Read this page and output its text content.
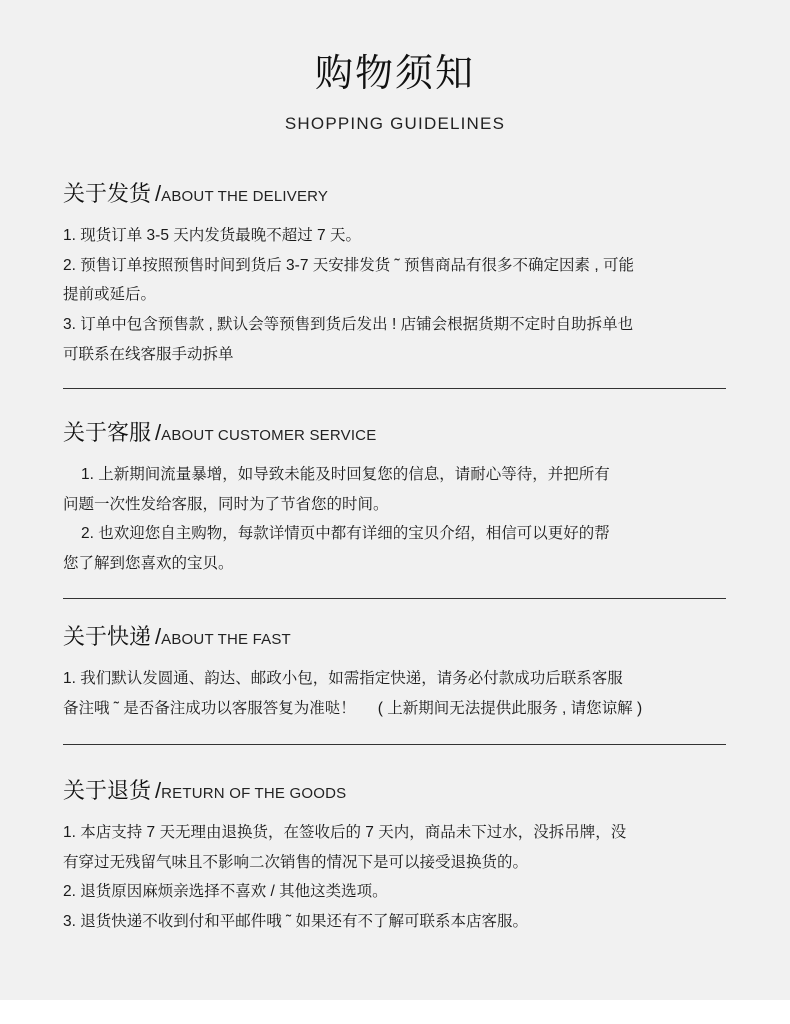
购物须知
SHOPPING GUIDELINES
关于发货 /ABOUT THE DELIVERY
1. 现货订单 3-5 天内发货最晚不超过 7 天。
2. 预售订单按照预售时间到货后 3-7 天安排发货 ˜ 预售商品有很多不确定因素 , 可能
提前或延后。
3. 订单中包含预售款 , 默认会等预售到货后发出 ! 店铺会根据货期不定时自助拆单也
可联系在线客服手动拆单
关于客服 /ABOUT CUSTOMER SERVICE
1. 上新期间流量暴增，如导致未能及时回复您的信息，请耐心等待，并把所有
问题一次性发给客服，同时为了节省您的时间。
2. 也欢迎您自主购物，每款详情页中都有详细的宝贝介绍，相信可以更好的帮
您了解到您喜欢的宝贝。
关于快递 /ABOUT THE FAST
1. 我们默认发圆通、韵达、邮政小包，如需指定快递，请务必付款成功后联系客服
备注哦 ˜ 是否备注成功以客服答复为准哒！ ( 上新期间无法提供此服务 , 请您谅解 )
关于退货 /RETURN OF THE GOODS
1. 本店支持 7 天无理由退换货，在签收后的 7 天内，商品未下过水，没拆吊牌，没
有穿过无残留气味且不影响二次销售的情况下是可以接受退换货的。
2. 退货原因麻烦亲选择不喜欢 / 其他这类选项。
3. 退货快递不收到付和平邮件哦 ˜ 如果还有不了解可联系本店客服。
